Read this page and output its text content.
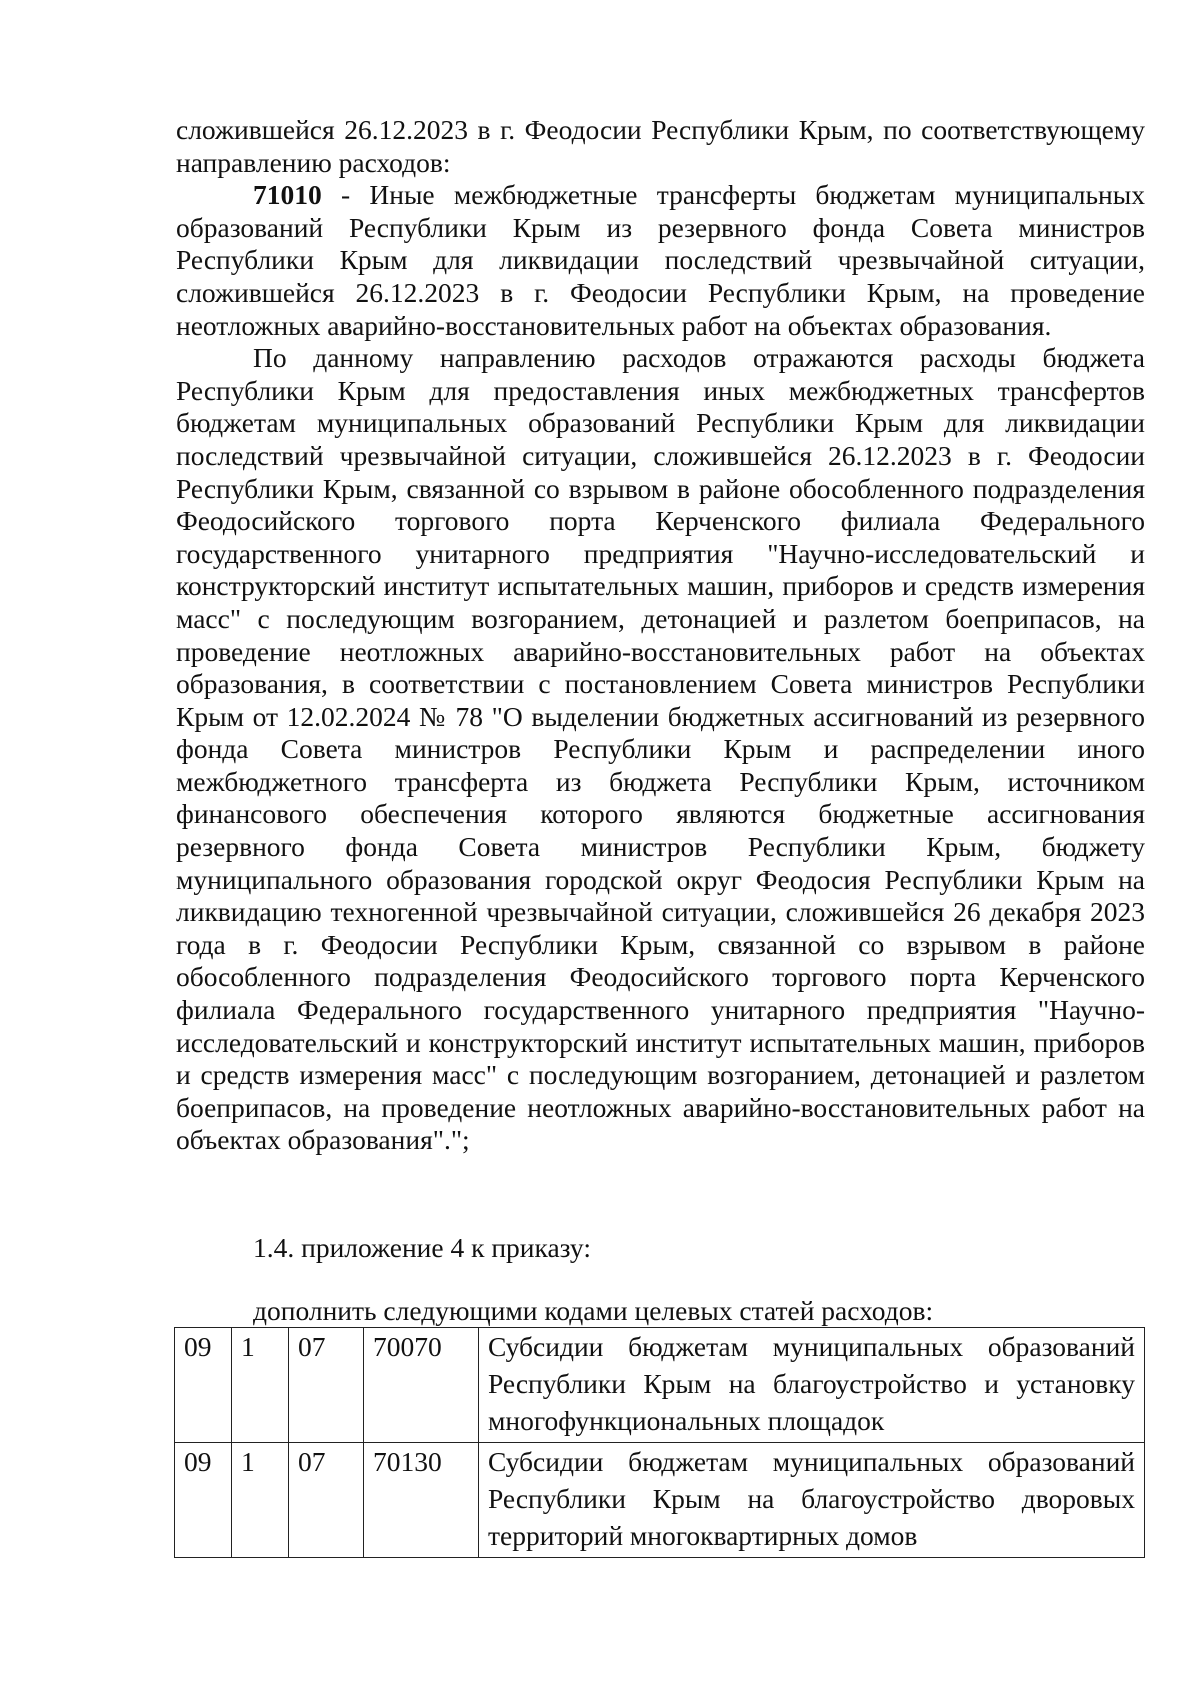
сложившейся 26.12.2023 в г. Феодосии Республики Крым, по соответствующему направлению расходов:

71010 - Иные межбюджетные трансферты бюджетам муниципальных образований Республики Крым из резервного фонда Совета министров Республики Крым для ликвидации последствий чрезвычайной ситуации, сложившейся 26.12.2023 в г. Феодосии Республики Крым, на проведение неотложных аварийно-восстановительных работ на объектах образования.

По данному направлению расходов отражаются расходы бюджета Республики Крым для предоставления иных межбюджетных трансфертов бюджетам муниципальных образований Республики Крым для ликвидации последствий чрезвычайной ситуации, сложившейся 26.12.2023 в г. Феодосии Республики Крым, связанной со взрывом в районе обособленного подразделения Феодосийского торгового порта Керченского филиала Федерального государственного унитарного предприятия "Научно-исследовательский и конструкторский институт испытательных машин, приборов и средств измерения масс" с последующим возгоранием, детонацией и разлетом боеприпасов, на проведение неотложных аварийно-восстановительных работ на объектах образования, в соответствии с постановлением Совета министров Республики Крым от 12.02.2024 № 78 "О выделении бюджетных ассигнований из резервного фонда Совета министров Республики Крым и распределении иного межбюджетного трансферта из бюджета Республики Крым, источником финансового обеспечения которого являются бюджетные ассигнования резервного фонда Совета министров Республики Крым, бюджету муниципального образования городской округ Феодосия Республики Крым на ликвидацию техногенной чрезвычайной ситуации, сложившейся 26 декабря 2023 года в г. Феодосии Республики Крым, связанной со взрывом в районе обособленного подразделения Феодосийского торгового порта Керченского филиала Федерального государственного унитарного предприятия "Научно-исследовательский и конструкторский институт испытательных машин, приборов и средств измерения масс" с последующим возгоранием, детонацией и разлетом боеприпасов, на проведение неотложных аварийно-восстановительных работ на объектах образования".";

1.4. приложение 4 к приказу:

дополнить следующими кодами целевых статей расходов:

09	1	07	70070	Субсидии бюджетам муниципальных образований Республики Крым на благоустройство и установку многофункциональных площадок
09	1	07	70130	Субсидии бюджетам муниципальных образований Республики Крым на благоустройство дворовых территорий многоквартирных домов
